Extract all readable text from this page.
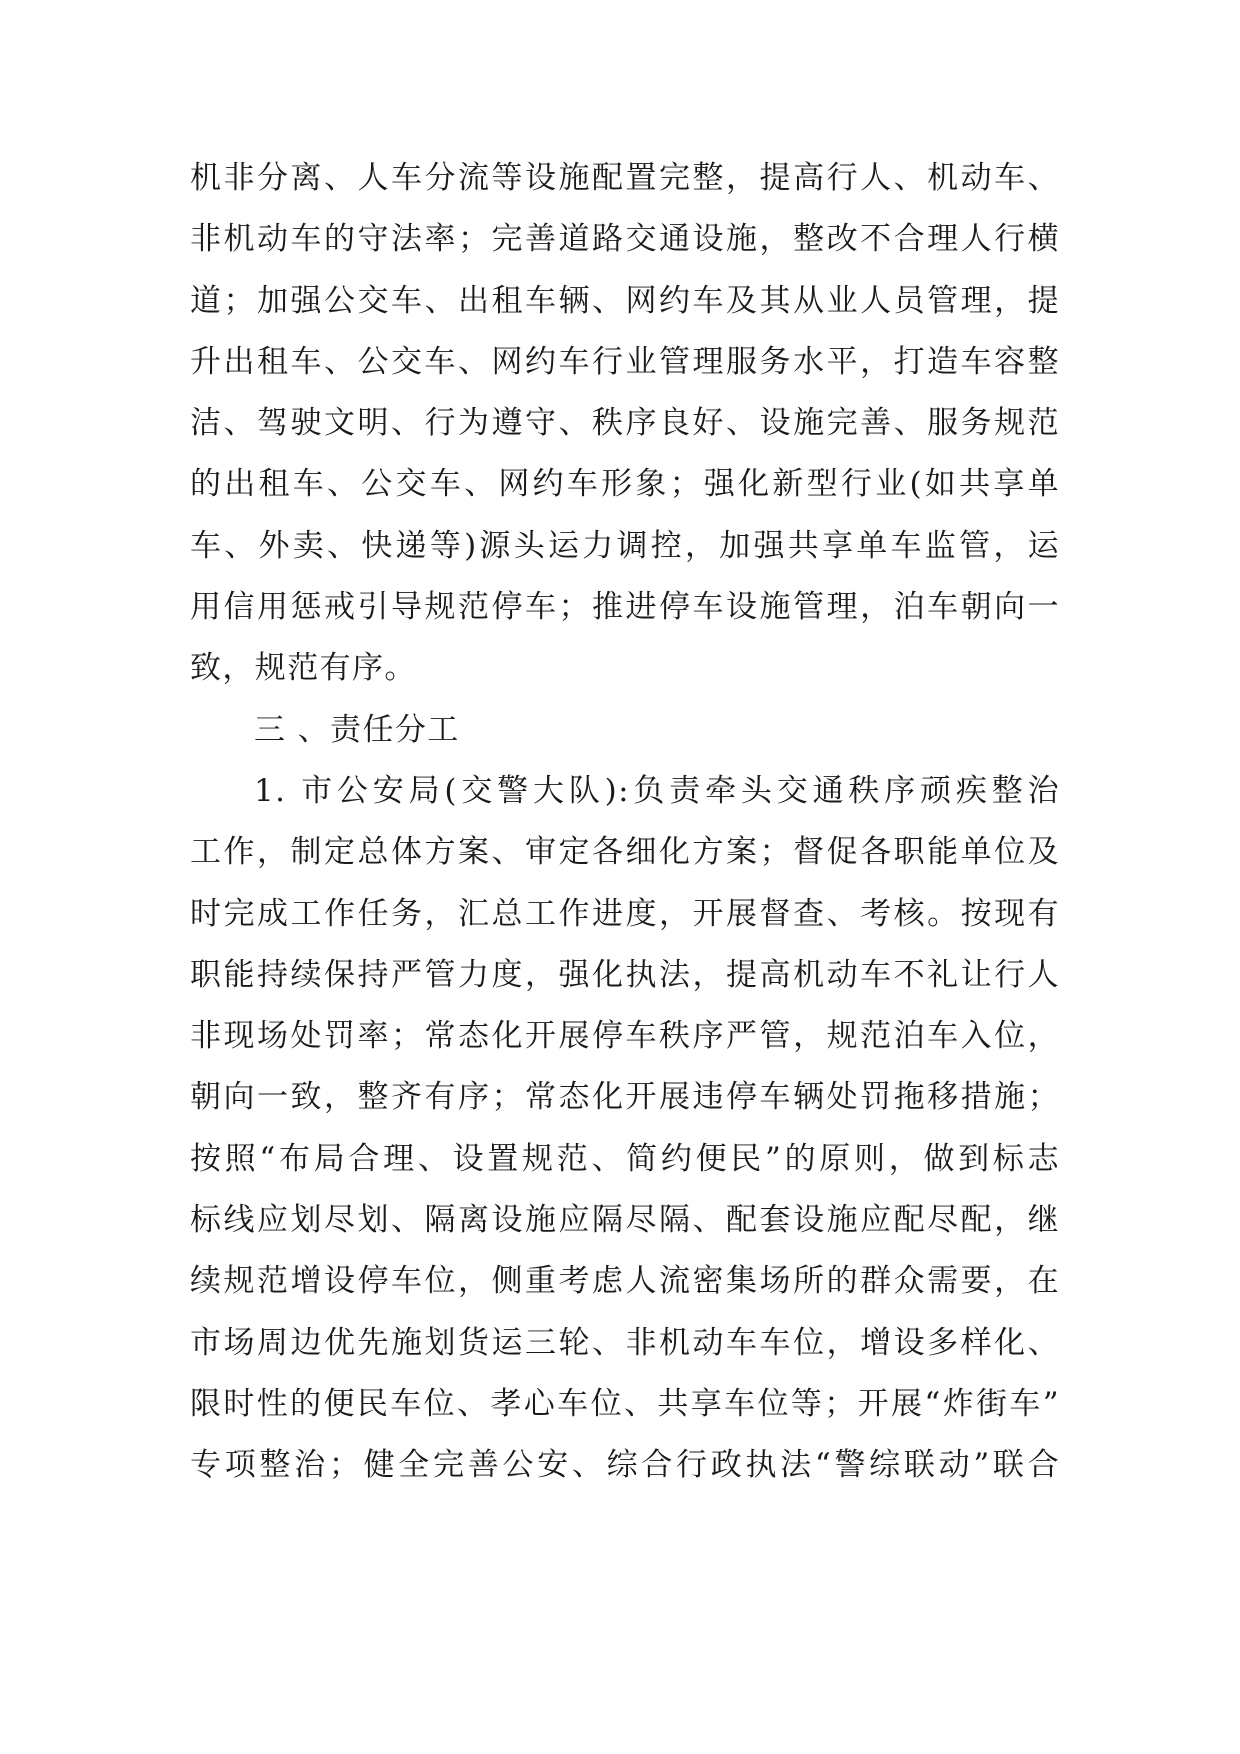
机非分离、人车分流等设施配置完整，提高行人、机动车、
非机动车的守法率；完善道路交通设施，整改不合理人行横
道；加强公交车、出租车辆、网约车及其从业人员管理，提
升出租车、公交车、网约车行业管理服务水平，打造车容整
洁、驾驶文明、行为遵守、秩序良好、设施完善、服务规范
的出租车、公交车、网约车形象；强化新型行业(如共享单
车、外卖、快递等)源头运力调控，加强共享单车监管，运
用信用惩戒引导规范停车；推进停车设施管理，泊车朝向一
致，规范有序。
三 、责任分工
1. 市公安局(交警大队):负责牵头交通秩序顽疾整治
工作，制定总体方案、审定各细化方案；督促各职能单位及
时完成工作任务，汇总工作进度，开展督查、考核。按现有
职能持续保持严管力度，强化执法，提高机动车不礼让行人
非现场处罚率；常态化开展停车秩序严管，规范泊车入位，
朝向一致，整齐有序；常态化开展违停车辆处罚拖移措施；
按照“布局合理、设置规范、简约便民”的原则，做到标志
标线应划尽划、隔离设施应隔尽隔、配套设施应配尽配，继
续规范增设停车位，侧重考虑人流密集场所的群众需要，在
市场周边优先施划货运三轮、非机动车车位，增设多样化、
限时性的便民车位、孝心车位、共享车位等；开展“炸街车”
专项整治；健全完善公安、综合行政执法“警综联动”联合
